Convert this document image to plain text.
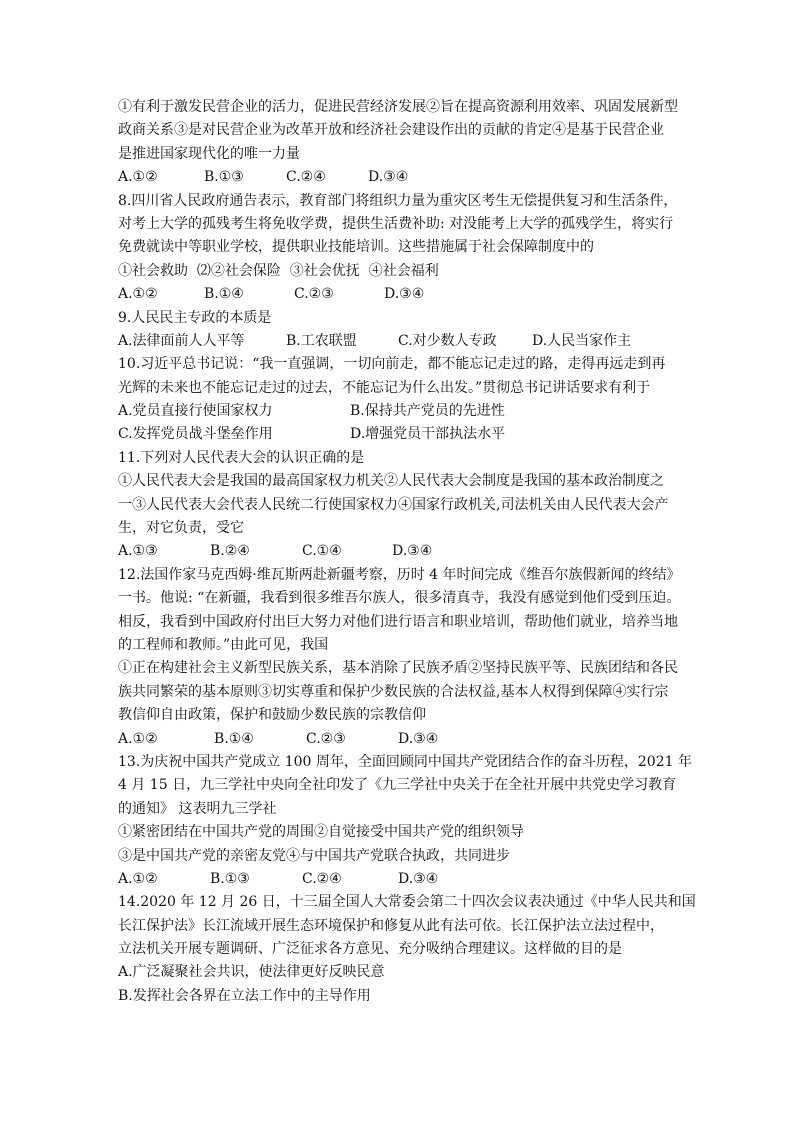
①有利于激发民营企业的活力，促进民营经济发展②旨在提高资源利用效率、巩固发展新型
政商关系③是对民营企业为改革开放和经济社会建设作出的贡献的肯定④是基于民营企业
是推进国家现代化的唯一力量
A.①②	B.①③	C.②④	D.③④
8.四川省人民政府通告表示，教育部门将组织力量为重灾区考生无偿提供复习和生活条件，
对考上大学的孤残考生将免收学费，提供生活费补助: 对没能考上大学的孤残学生，将实行
免费就读中等职业学校，提供职业技能培训。这些措施属于社会保障制度中的
①社会救助  ⑵②社会保险  ③社会优抚  ④社会福利
A.①②	B.①④	C.②③	D.③④
9.人民民主专政的本质是
A.法律面前人人平等	B.工农联盟	C.对少数人专政	D.人民当家作主
10.习近平总书记说：“我一直强调，一切向前走，都不能忘记走过的路，走得再远走到再
光辉的未来也不能忘记走过的过去，不能忘记为什么出发。”贯彻总书记讲话要求有利于
A.党员直接行使国家权力	B.保持共产党员的先进性
C.发挥党员战斗堡垒作用	D.增强党员干部执法水平
11.下列对人民代表大会的认识正确的是
①人民代表大会是我国的最高国家权力机关②人民代表大会制度是我国的基本政治制度之
一③人民代表大会代表人民统二行使国家权力④国家行政机关,司法机关由人民代表大会产
生，对它负责，受它
A.①③	B.②④	C.①④	D.③④
12.法国作家马克西姆·维瓦斯两赴新疆考察，历时 4 年时间完成《维吾尔族假新闻的终结》
一书。他说: “在新疆，我看到很多维吾尔族人，很多清真寺，我没有感觉到他们受到压迫。
相反，我看到中国政府付出巨大努力对他们进行语言和职业培训，帮助他们就业，培养当地
的工程师和教师。”由此可见，我国
①正在构建社会主义新型民族关系，基本消除了民族矛盾②坚持民族平等、民族团结和各民
族共同繁荣的基本原则③切实尊重和保护少数民族的合法权益,基本人权得到保障④实行宗
教信仰自由政策，保护和鼓励少数民族的宗教信仰
A.①②	B.①④	C.②③	D.③④
13.为庆祝中国共产党成立 100 周年，全面回顾同中国共产党团结合作的奋斗历程，2021 年
4 月 15 日，九三学社中央向全社印发了《九三学社中央关于在全社开展中共党史学习教育
的通知》 这表明九三学社
①紧密团结在中国共产党的周围②自觉接受中国共产党的组织领导
③是中国共产党的亲密友党④与中国共产党联合执政，共同进步
A.①②	B.①③	C.②④	D.③④
14.2020 年 12 月 26 日，十三届全国人大常委会第二十四次会议表决通过《中华人民共和国
长江保护法》长江流域开展生态环境保护和修复从此有法可依。长江保护法立法过程中，
立法机关开展专题调研、广泛征求各方意见、充分吸纳合理建议。这样做的目的是
A.广泛凝聚社会共识，使法律更好反映民意
B.发挥社会各界在立法工作中的主导作用
